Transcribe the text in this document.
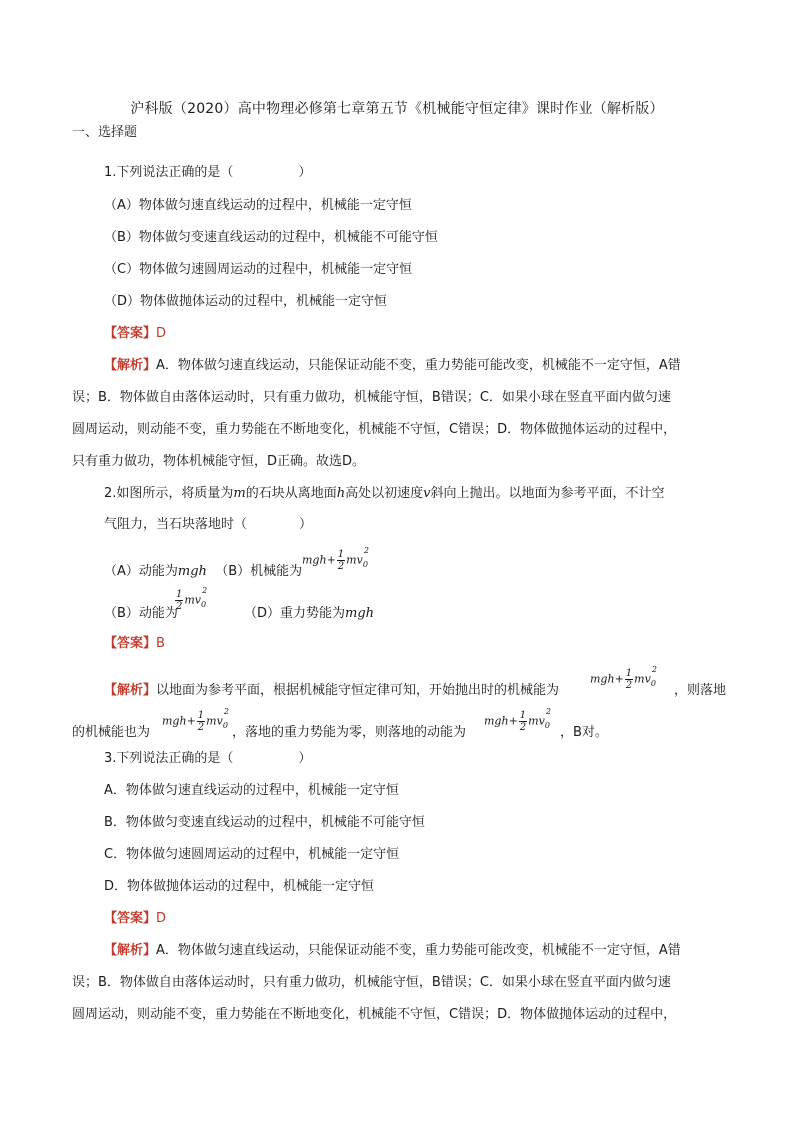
沪科版（2020）高中物理必修第七章第五节《机械能守恒定律》课时作业（解析版）
一、选择题
1.下列说法正确的是（　　　　　）
（A）物体做匀速直线运动的过程中，机械能一定守恒
（B）物体做匀变速直线运动的过程中，机械能不可能守恒
（C）物体做匀速圆周运动的过程中，机械能一定守恒
（D）物体做抛体运动的过程中，机械能一定守恒
【答案】D
【解析】A．物体做匀速直线运动，只能保证动能不变，重力势能可能改变，机械能不一定守恒，A错
误；B．物体做自由落体运动时，只有重力做功，机械能守恒，B错误；C．如果小球在竖直平面内做匀速
圆周运动，则动能不变，重力势能在不断地变化，机械能不守恒，C错误；D．物体做抛体运动的过程中，
只有重力做功，物体机械能守恒，D正确。故选D。
2.如图所示，将质量为m的石块从离地面h高处以初速度v斜向上抛出。以地面为参考平面，不计空
气阻力，当石块落地时（　　　　）
（A）动能为mgh （B）机械能为
$mgh+ \frac{1}{2} mv_0^2$
（B）动能为
$\frac{1}{2} mv_0^2$
（D）重力势能为mgh
【答案】B
【解析】以地面为参考平面，根据机械能守恒定律可知，开始抛出时的机械能为
$mgh+ \frac{1}{2} mv_0^2$
，则落地
的机械能也为
$mgh+ \frac{1}{2} mv_0^2$
，落地的重力势能为零，则落地的动能为
$mgh+ \frac{1}{2} mv_0^2$
，B对。
3.下列说法正确的是（　　　　　）
A．物体做匀速直线运动的过程中，机械能一定守恒
B．物体做匀变速直线运动的过程中，机械能不可能守恒
C．物体做匀速圆周运动的过程中，机械能一定守恒
D．物体做抛体运动的过程中，机械能一定守恒
【答案】D
【解析】A．物体做匀速直线运动，只能保证动能不变，重力势能可能改变，机械能不一定守恒，A错
误；B．物体做自由落体运动时，只有重力做功，机械能守恒，B错误；C．如果小球在竖直平面内做匀速
圆周运动，则动能不变，重力势能在不断地变化，机械能不守恒，C错误；D．物体做抛体运动的过程中，
